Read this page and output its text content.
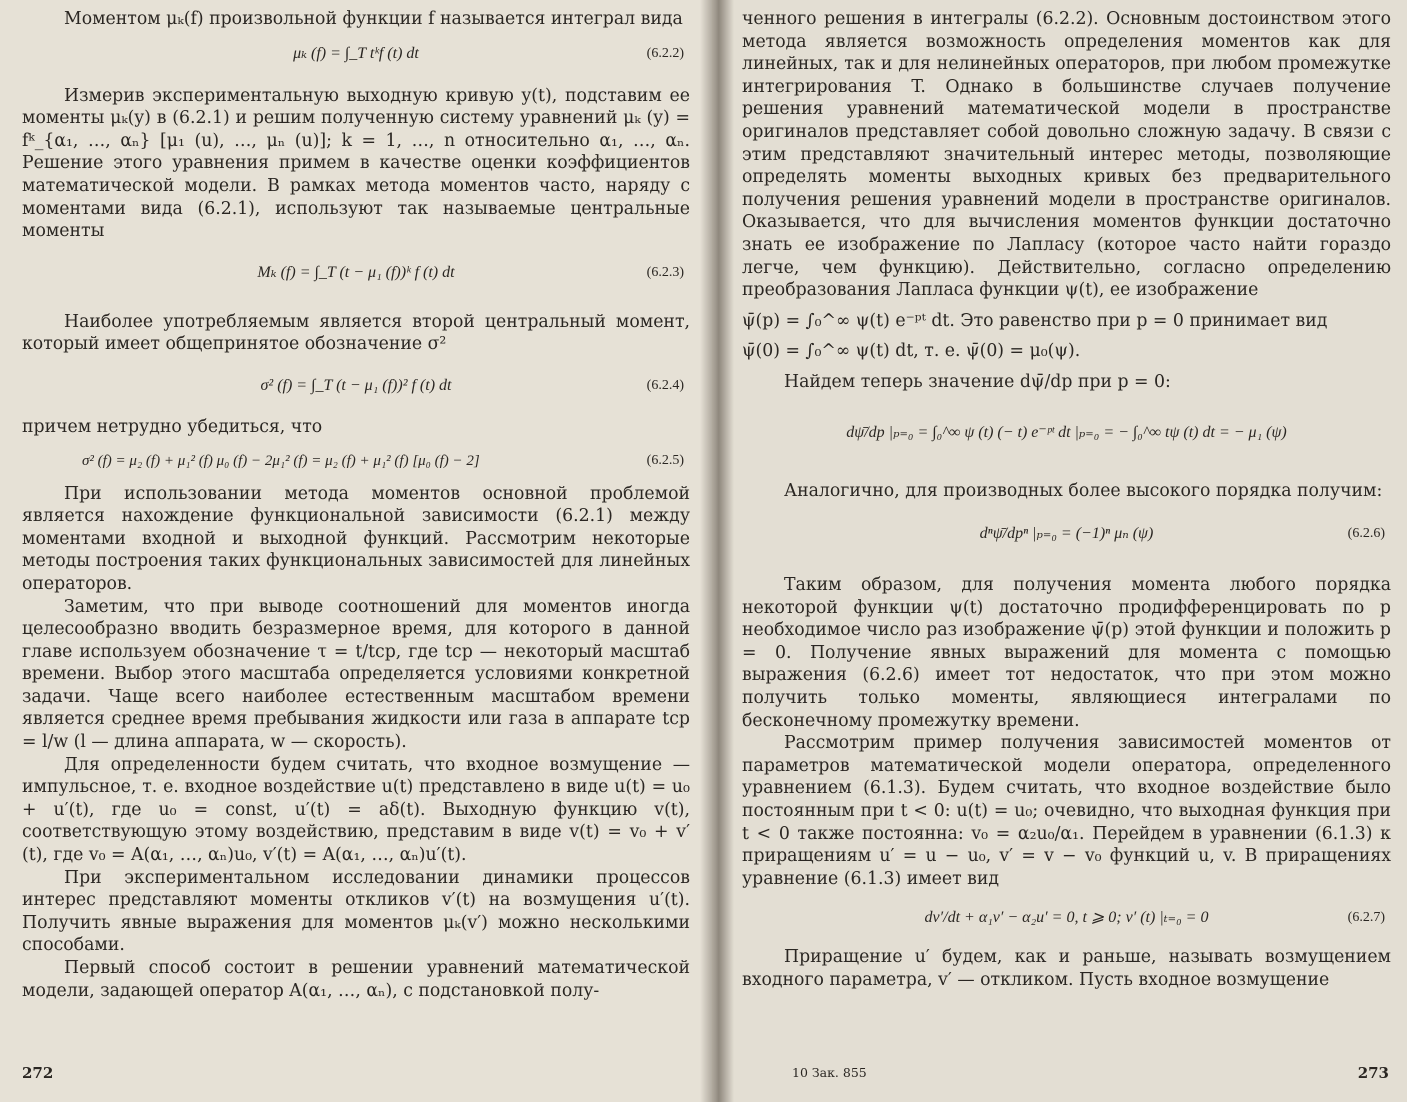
Моментом μₖ(f) произвольной функции f называется интеграл вида

μₖ (f) = ∫_T tᵏf (t) dt	(6.2.2)

Измерив экспериментальную выходную кривую y(t), подставим ее моменты μₖ(y) в (6.2.1) и решим полученную систему уравнений μₖ (y) = fᵏ_{α₁, …, αₙ} [μ₁ (u), …, μₙ (u)]; k = 1, …, n относительно α₁, …, αₙ. Решение этого уравнения примем в качестве оценки коэффициентов математической модели. В рамках метода моментов часто, наряду с моментами вида (6.2.1), используют так называемые центральные моменты

Mₖ (f) = ∫_T (t − μ₁ (f))ᵏ f (t) dt	(6.2.3)

Наиболее употребляемым является второй центральный момент, который имеет общепринятое обозначение σ²

σ² (f) = ∫_T (t − μ₁ (f))² f (t) dt	(6.2.4)

причем нетрудно убедиться, что

σ² (f) = μ₂ (f) + μ₁² (f) μ₀ (f) − 2μ₁² (f) = μ₂ (f) + μ₁² (f) [μ₀ (f) − 2]	(6.2.5)

При использовании метода моментов основной проблемой является нахождение функциональной зависимости (6.2.1) между моментами входной и выходной функций. Рассмотрим некоторые методы построения таких функциональных зависимостей для линейных операторов.

Заметим, что при выводе соотношений для моментов иногда целесообразно вводить безразмерное время, для которого в данной главе используем обозначение τ = t/tср, где tср — некоторый масштаб времени. Выбор этого масштаба определяется условиями конкретной задачи. Чаще всего наиболее естественным масштабом времени является среднее время пребывания жидкости или газа в аппарате tср = l/w (l — длина аппарата, w — скорость).

Для определенности будем считать, что входное возмущение — импульсное, т. е. входное воздействие u(t) представлено в виде u(t) = u₀ + u′(t), где u₀ = const, u′(t) = aδ(t). Выходную функцию v(t), соответствующую этому воздействию, представим в виде v(t) = v₀ + v′(t), где v₀ = A(α₁, …, αₙ)u₀, v′(t) = A(α₁, …, αₙ)u′(t).

При экспериментальном исследовании динамики процессов интерес представляют моменты откликов v′(t) на возмущения u′(t). Получить явные выражения для моментов μₖ(v′) можно несколькими способами.

Первый способ состоит в решении уравнений математической модели, задающей оператор A(α₁, …, αₙ), с подстановкой полу-

272

ченного решения в интегралы (6.2.2). Основным достоинством этого метода является возможность определения моментов как для линейных, так и для нелинейных операторов, при любом промежутке интегрирования T. Однако в большинстве случаев получение решения уравнений математической модели в пространстве оригиналов представляет собой довольно сложную задачу. В связи с этим представляют значительный интерес методы, позволяющие определять моменты выходных кривых без предварительного получения решения уравнений модели в пространстве оригиналов. Оказывается, что для вычисления моментов функции достаточно знать ее изображение по Лапласу (которое часто найти гораздо легче, чем функцию). Действительно, согласно определению преобразования Лапласа функции ψ(t), ее изображение

ψ̄(p) = ∫₀^∞ ψ(t) e⁻ᵖᵗ dt. Это равенство при p = 0 принимает вид

ψ̄(0) = ∫₀^∞ ψ(t) dt, т. е. ψ̄(0) = μ₀(ψ).

Найдем теперь значение dψ̄/dp при p = 0:

dψ̄/dp |ₚ₌₀ = ∫₀^∞ ψ (t) (− t) e⁻ᵖᵗ dt |ₚ₌₀ = − ∫₀^∞ tψ (t) dt = − μ₁ (ψ)

Аналогично, для производных более высокого порядка получим:

dⁿψ̄/dpⁿ |ₚ₌₀ = (−1)ⁿ μₙ (ψ)	(6.2.6)

Таким образом, для получения момента любого порядка некоторой функции ψ(t) достаточно продифференцировать по p необходимое число раз изображение ψ̄(p) этой функции и положить p = 0. Получение явных выражений для момента с помощью выражения (6.2.6) имеет тот недостаток, что при этом можно получить только моменты, являющиеся интегралами по бесконечному промежутку времени.

Рассмотрим пример получения зависимостей моментов от параметров математической модели оператора, определенного уравнением (6.1.3). Будем считать, что входное воздействие было постоянным при t < 0: u(t) = u₀; очевидно, что выходная функция при t < 0 также постоянна: v₀ = α₂u₀/α₁. Перейдем в уравнении (6.1.3) к приращениям u′ = u − u₀, v′ = v − v₀ функций u, v. В приращениях уравнение (6.1.3) имеет вид

dv′/dt + α₁v′ − α₂u′ = 0, t ⩾ 0; v′ (t) |ₜ₌₀ = 0	(6.2.7)

Приращение u′ будем, как и раньше, называть возмущением входного параметра, v′ — откликом. Пусть входное возмущение

10 Зак. 855	273
